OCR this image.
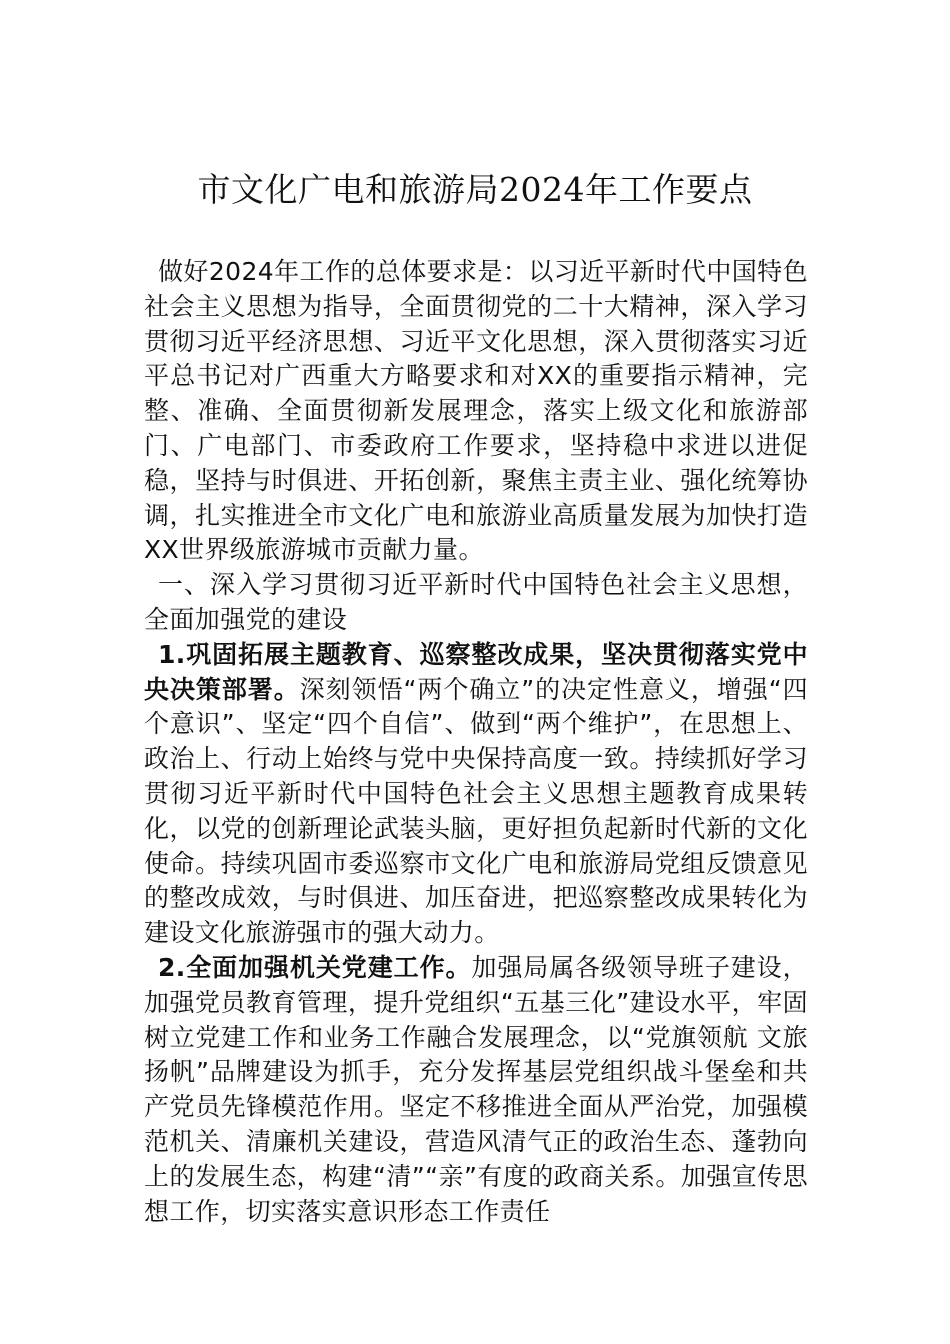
市文化广电和旅游局2024年工作要点

做好2024年工作的总体要求是：以习近平新时代中国特色社会主义思想为指导，全面贯彻党的二十大精神，深入学习贯彻习近平经济思想、习近平文化思想，深入贯彻落实习近平总书记对广西重大方略要求和对XX的重要指示精神，完整、准确、全面贯彻新发展理念，落实上级文化和旅游部门、广电部门、市委政府工作要求，坚持稳中求进以进促稳，坚持与时俱进、开拓创新，聚焦主责主业、强化统筹协调，扎实推进全市文化广电和旅游业高质量发展为加快打造XX世界级旅游城市贡献力量。

一、深入学习贯彻习近平新时代中国特色社会主义思想，全面加强党的建设

1.巩固拓展主题教育、巡察整改成果，坚决贯彻落实党中央决策部署。深刻领悟“两个确立”的决定性意义，增强“四个意识”、坚定“四个自信”、做到“两个维护”，在思想上、政治上、行动上始终与党中央保持高度一致。持续抓好学习贯彻习近平新时代中国特色社会主义思想主题教育成果转化，以党的创新理论武装头脑，更好担负起新时代新的文化使命。持续巩固市委巡察市文化广电和旅游局党组反馈意见的整改成效，与时俱进、加压奋进，把巡察整改成果转化为建设文化旅游强市的强大动力。

2.全面加强机关党建工作。加强局属各级领导班子建设，加强党员教育管理，提升党组织“五基三化”建设水平，牢固树立党建工作和业务工作融合发展理念，以“党旗领航 文旅扬帆”品牌建设为抓手，充分发挥基层党组织战斗堡垒和共产党员先锋模范作用。坚定不移推进全面从严治党，加强模范机关、清廉机关建设，营造风清气正的政治生态、蓬勃向上的发展生态，构建“清”“亲”有度的政商关系。加强宣传思想工作，切实落实意识形态工作责任
